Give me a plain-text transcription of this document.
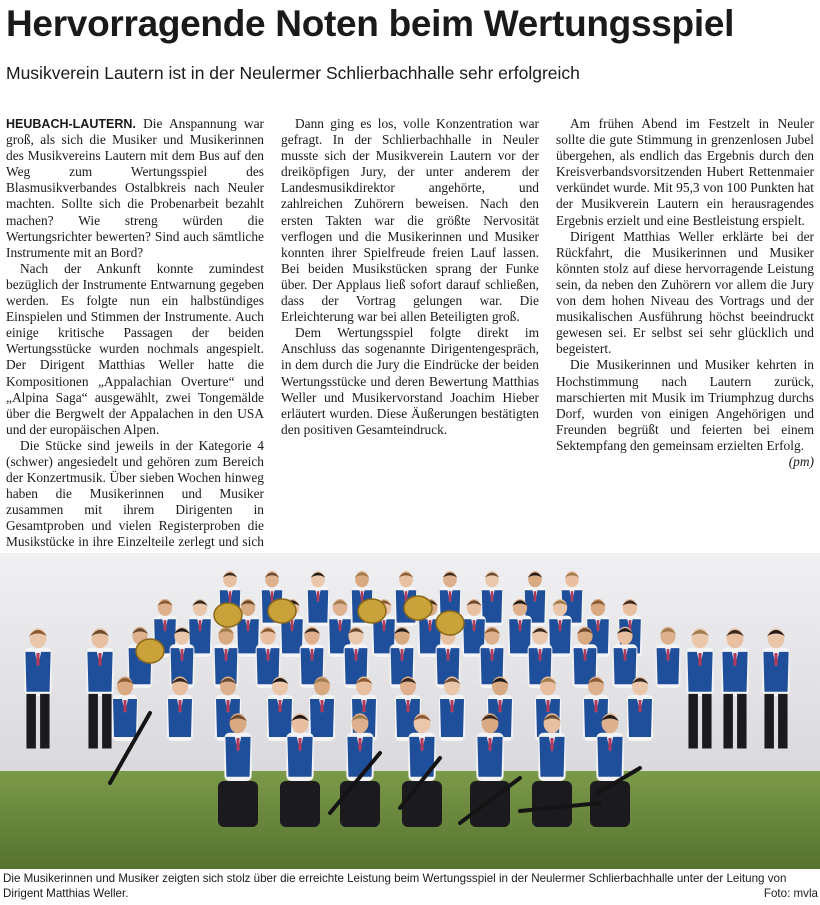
Hervorragende Noten beim Wertungsspiel
Musikverein Lautern ist in der Neulermer Schlierbachhalle sehr erfolgreich

HEUBACH-LAUTERN. Die Anspannung war groß, als sich die Musiker und Musikerinnen des Musikvereins Lautern mit dem Bus auf den Weg zum Wertungsspiel des Blasmusikverbandes Ostalbkreis nach Neuler machten. Sollte sich die Probenarbeit bezahlt machen? Wie streng würden die Wertungsrichter bewerten? Sind auch sämtliche Instrumente mit an Bord?

Nach der Ankunft konnte zumindest bezüglich der Instrumente Entwarnung gegeben werden. Es folgte nun ein halbstündiges Einspielen und Stimmen der Instrumente. Auch einige kritische Passagen der beiden Wertungsstücke wurden nochmals angespielt. Der Dirigent Matthias Weller hatte die Kompositionen „Appalachian Overture“ und „Alpina Saga“ ausgewählt, zwei Tongemälde über die Bergwelt der Appalachen in den USA und der europäischen Alpen.

Die Stücke sind jeweils in der Kategorie 4 (schwer) angesiedelt und gehören zum Bereich der Konzertmusik. Über sieben Wochen hinweg haben die Musikerinnen und Musiker zusammen mit ihrem Dirigenten in Gesamtproben und vielen Registerproben die Musikstücke in ihre Einzelteile zerlegt und sich

Dann ging es los, volle Konzentration war gefragt. In der Schlierbachhalle in Neuler musste sich der Musikverein Lautern vor der dreiköpfigen Jury, der unter anderem der Landesmusikdirektor angehörte, und zahlreichen Zuhörern beweisen. Nach den ersten Takten war die größte Nervosität verflogen und die Musikerinnen und Musiker konnten ihrer Spielfreude freien Lauf lassen. Bei beiden Musikstücken sprang der Funke über. Der Applaus ließ sofort darauf schließen, dass der Vortrag gelungen war. Die Erleichterung war bei allen Beteiligten groß.

Dem Wertungsspiel folgte direkt im Anschluss das sogenannte Dirigentengespräch, in dem durch die Jury die Eindrücke der beiden Wertungsstücke und deren Bewertung Matthias Weller und Musikervorstand Joachim Hieber erläutert wurden. Diese Äußerungen bestätigten den positiven Gesamteindruck.

Am frühen Abend im Festzelt in Neuler sollte die gute Stimmung in grenzenlosen Jubel übergehen, als endlich das Ergebnis durch den Kreisverbandsvorsitzenden Hubert Rettenmaier verkündet wurde. Mit 95,3 von 100 Punkten hat der Musikverein Lautern ein herausragendes Ergebnis erzielt und eine Bestleistung erspielt.

Dirigent Matthias Weller erklärte bei der Rückfahrt, die Musikerinnen und Musiker könnten stolz auf diese hervorragende Leistung sein, da neben den Zuhörern vor allem die Jury von dem hohen Niveau des Vortrags und der musikalischen Ausführung höchst beeindruckt gewesen sei. Er selbst sei sehr glücklich und begeistert.

Die Musikerinnen und Musiker kehrten in Hochstimmung nach Lautern zurück, marschierten mit Musik im Triumphzug durchs Dorf, wurden von einigen Angehörigen und Freunden begrüßt und feierten bei einem Sektempfang den gemeinsam erzielten Erfolg.
(pm)

Die Musikerinnen und Musiker zeigten sich stolz über die erreichte Leistung beim Wertungsspiel in der Neulermer Schlierbachhalle unter der Leitung von Dirigent Matthias Weller.	Foto: mvla
